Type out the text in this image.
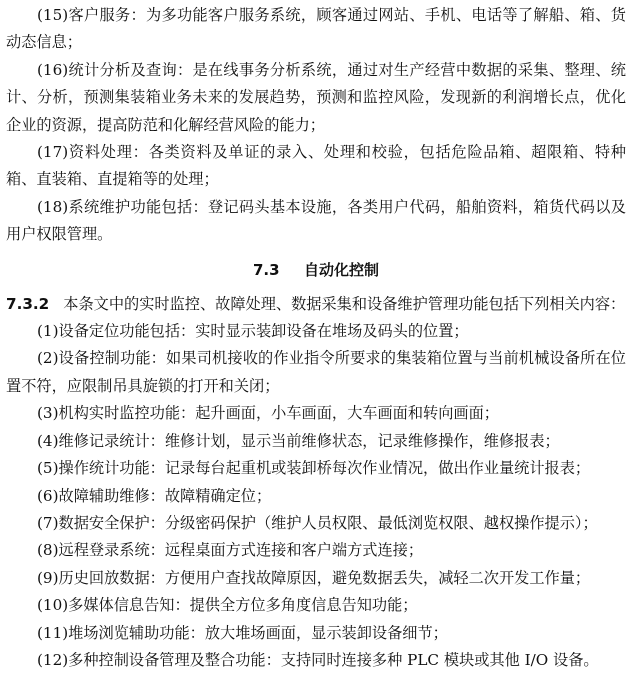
(15)客户服务：为多功能客户服务系统，顾客通过网站、手机、电话等了解船、箱、货动态信息；

(16)统计分析及查询：是在线事务分析系统，通过对生产经营中数据的采集、整理、统计、分析，预测集装箱业务未来的发展趋势，预测和监控风险，发现新的利润增长点，优化企业的资源，提高防范和化解经营风险的能力；

(17)资料处理：各类资料及单证的录入、处理和校验，包括危险品箱、超限箱、特种箱、直装箱、直提箱等的处理；

(18)系统维护功能包括：登记码头基本设施，各类用户代码，船舶资料，箱货代码以及用户权限管理。

7.3 自动化控制

7.3.2 本条文中的实时监控、故障处理、数据采集和设备维护管理功能包括下列相关内容：

(1)设备定位功能包括：实时显示装卸设备在堆场及码头的位置；

(2)设备控制功能：如果司机接收的作业指令所要求的集装箱位置与当前机械设备所在位置不符，应限制吊具旋锁的打开和关闭；

(3)机构实时监控功能：起升画面，小车画面，大车画面和转向画面；

(4)维修记录统计：维修计划，显示当前维修状态，记录维修操作，维修报表；

(5)操作统计功能：记录每台起重机或装卸桥每次作业情况，做出作业量统计报表；

(6)故障辅助维修：故障精确定位；

(7)数据安全保护：分级密码保护（维护人员权限、最低浏览权限、越权操作提示）；

(8)远程登录系统：远程桌面方式连接和客户端方式连接；

(9)历史回放数据：方便用户查找故障原因，避免数据丢失，减轻二次开发工作量；

(10)多媒体信息告知：提供全方位多角度信息告知功能；

(11)堆场浏览辅助功能：放大堆场画面，显示装卸设备细节；

(12)多种控制设备管理及整合功能：支持同时连接多种 PLC 模块或其他 I/O 设备。
